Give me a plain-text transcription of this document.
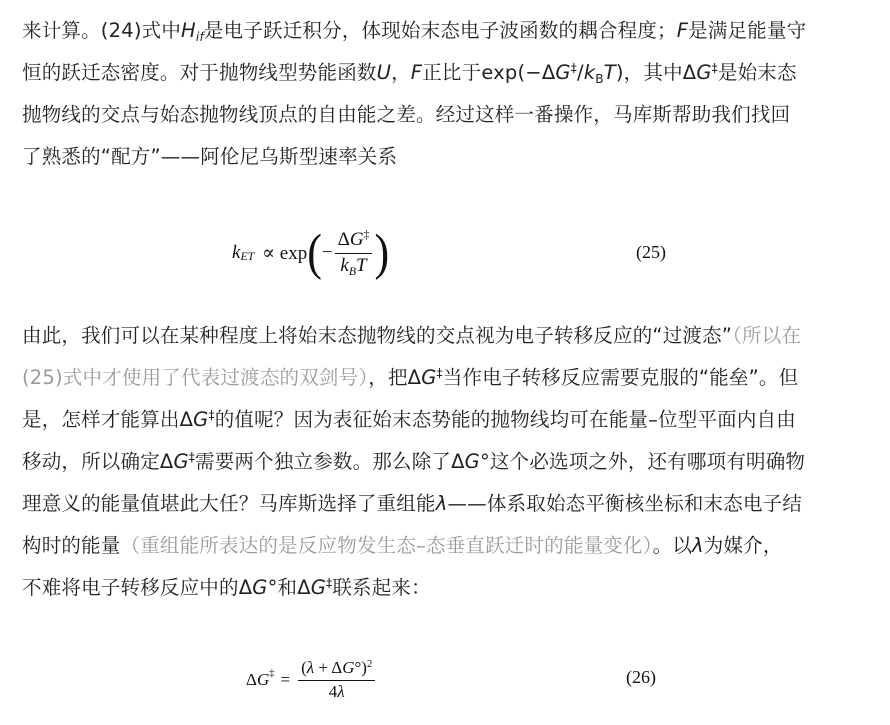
来计算。(24)式中$H_{if}$是电子跃迁积分，体现始末态电子波函数的耦合程度；F是满足能量守
恒的跃迁态密度。对于抛物线型势能函数U，F正比于$\exp(-\Delta G^\ddagger/k_BT)$，其中ΔG‡是始末态
抛物线的交点与始态抛物线顶点的自由能之差。经过这样一番操作，马库斯帮助我们找回
了熟悉的“配方”——阿伦尼乌斯型速率关系
$k_{ET} \propto \exp$ ( − $\frac{\Delta G^\ddagger}{k_BT}$ )	(25)
由此，我们可以在某种程度上将始末态抛物线的交点视为电子转移反应的“过渡态”（所以在
(25)式中才使用了代表过渡态的双剑号），把ΔG‡当作电子转移反应需要克服的“能垒”。但
是，怎样才能算出ΔG‡的值呢？因为表征始末态势能的抛物线均可在能量–位型平面内自由
移动，所以确定ΔG‡需要两个独立参数。那么除了ΔG°这个必选项之外，还有哪项有明确物
理意义的能量值堪此大任？马库斯选择了重组能λ——体系取始态平衡核坐标和末态电子结
构时的能量（重组能所表达的是反应物发生态–态垂直跃迁时的能量变化）。以λ为媒介，
不难将电子转移反应中的ΔG°和ΔG‡联系起来：
Δ $G^\ddagger = \frac{(\lambda + \Delta G^\circ)^2}{4\lambda}$	(26)
